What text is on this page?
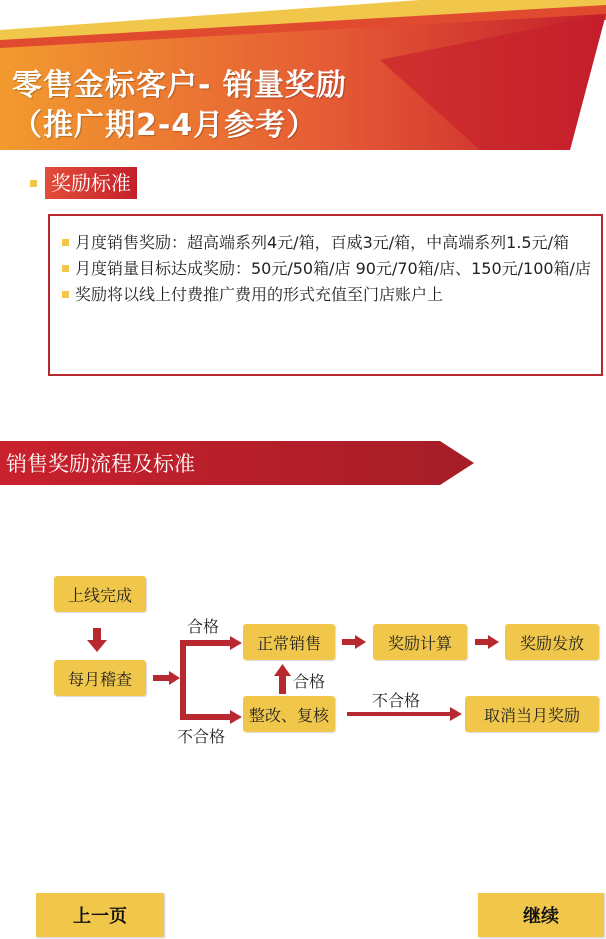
零售金标客户- 销量奖励
（推广期2-4月参考）
奖励标准
月度销售奖励：超高端系列4元/箱，百威3元/箱，中高端系列1.5元/箱
月度销量目标达成奖励：50元/50箱/店 90元/70箱/店、150元/100箱/店
奖励将以线上付费推广费用的形式充值至门店账户上
销售奖励流程及标准
上线完成
每月稽查
正常销售	奖励计算	奖励发放
整改、复核	取消当月奖励
合格
不合格
合格
不合格
上一页	继续
